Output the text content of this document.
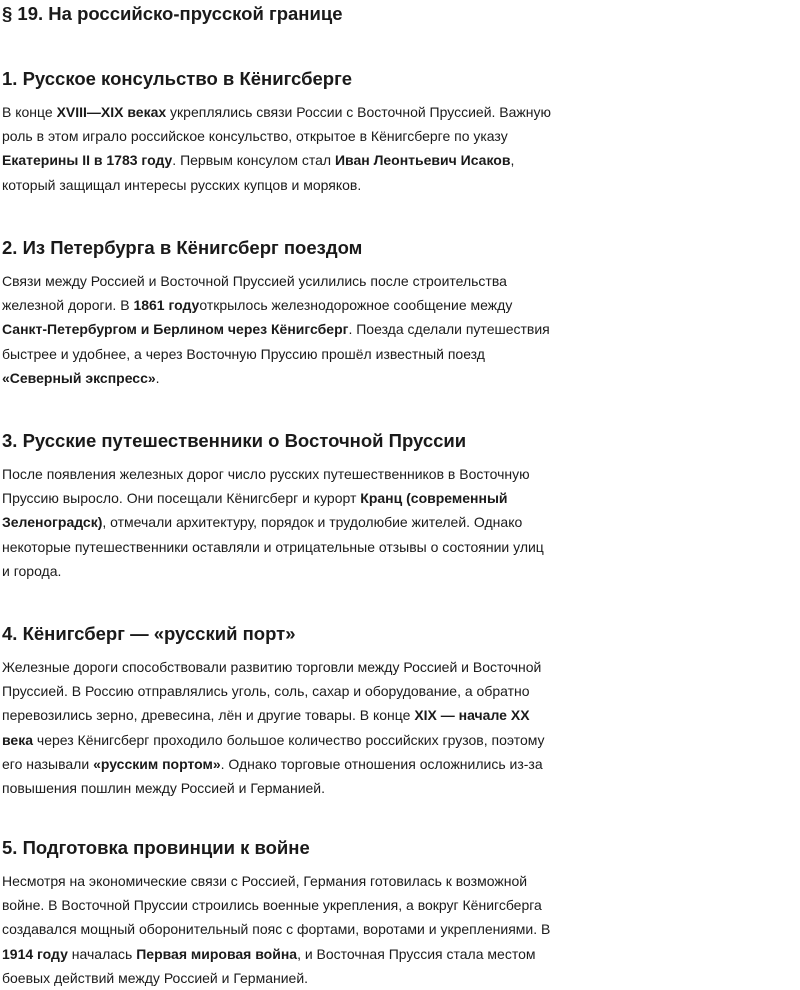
§ 19. На российско-прусской границе
1. Русское консульство в Кёнигсберге
В конце XVIII—XIX веках укреплялись связи России с Восточной Пруссией. Важную
роль в этом играло российское консульство, открытое в Кёнигсберге по указу
Екатерины II в 1783 году. Первым консулом стал Иван Леонтьевич Исаков,
который защищал интересы русских купцов и моряков.
2. Из Петербурга в Кёнигсберг поездом
Связи между Россией и Восточной Пруссией усилились после строительства
железной дороги. В 1861 годуоткрылось железнодорожное сообщение между
Санкт-Петербургом и Берлином через Кёнигсберг. Поезда сделали путешествия
быстрее и удобнее, а через Восточную Пруссию прошёл известный поезд
«Северный экспресс».
3. Русские путешественники о Восточной Пруссии
После появления железных дорог число русских путешественников в Восточную
Пруссию выросло. Они посещали Кёнигсберг и курорт Кранц (современный
Зеленоградск), отмечали архитектуру, порядок и трудолюбие жителей. Однако
некоторые путешественники оставляли и отрицательные отзывы о состоянии улиц
и города.
4. Кёнигсберг — «русский порт»
Железные дороги способствовали развитию торговли между Россией и Восточной
Пруссией. В Россию отправлялись уголь, соль, сахар и оборудование, а обратно
перевозились зерно, древесина, лён и другие товары. В конце XIX — начале XX
века через Кёнигсберг проходило большое количество российских грузов, поэтому
его называли «русским портом». Однако торговые отношения осложнились из-за
повышения пошлин между Россией и Германией.
5. Подготовка провинции к войне
Несмотря на экономические связи с Россией, Германия готовилась к возможной
войне. В Восточной Пруссии строились военные укрепления, а вокруг Кёнигсберга
создавался мощный оборонительный пояс с фортами, воротами и укреплениями. В
1914 году началась Первая мировая война, и Восточная Пруссия стала местом
боевых действий между Россией и Германией.
